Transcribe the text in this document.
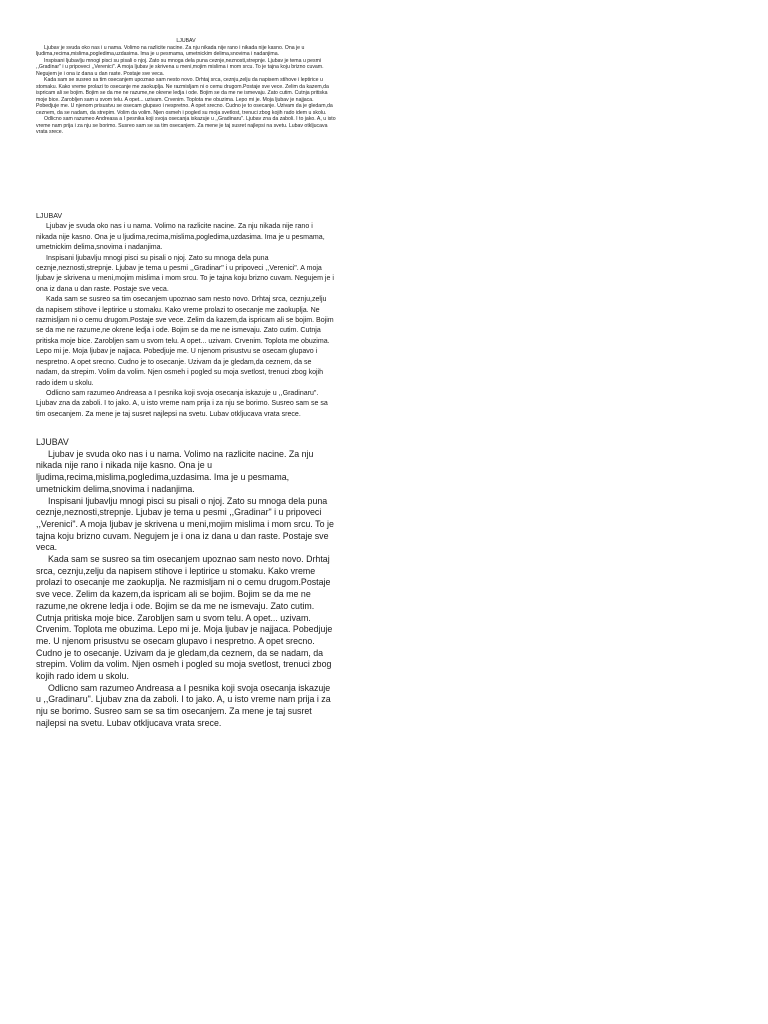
LJUBAV

Ljubav je svuda oko nas i u nama. Volimo na razlicite nacine. Za nju nikada nije rano i nikada nije kasno. Ona je u ljudima,recima,mislima,pogledima,uzdasima. Ima je u pesmama, umetnickim delima,snovima i nadanjima.

Inspisani ljubavlju mnogi pisci su pisali o njoj. Zato su mnoga dela puna ceznje,neznosti,strepnje. Ljubav je tema u pesmi ,,Gradinar" i u pripoveci ,,Verenici". A moja ljubav je skrivena u meni,mojim mislima i mom srcu. To je tajna koju brizno cuvam. Negujem je i ona iz dana u dan raste. Postaje sve veca.

Kada sam se susreo sa tim osecanjem upoznao sam nesto novo. Drhtaj srca, ceznju,zelju da napisem stihove i leptirice u stomaku. Kako vreme prolazi to osecanje me zaokuplja. Ne razmisljam ni o cemu drugom.Postaje sve vece. Zelim da kazem,da ispricam ali se bojim. Bojim se da me ne razume,ne okrene ledja i ode. Bojim se da me ne ismevaju. Zato cutim. Cutnja pritiska moje bice. Zarobljen sam u svom telu. A opet... uzivam. Crvenim. Toplota me obuzima. Lepo mi je. Moja ljubav je najjaca. Pobedjuje me. U njenom prisustvu se osecam glupavo i nespretno. A opet srecno. Cudno je to osecanje. Uzivam da je gledam,da ceznem, da se nadam, da strepim. Volim da volim. Njen osmeh i pogled su moja svetlost, trenuci zbog kojih rado idem u skolu.

Odlicno sam razumeo Andreasa a I pesnika koji svoja osecanja iskazuje u ,,Gradinaru". Ljubav zna da zaboli. I to jako. A, u isto vreme nam prija i za nju se borimo. Susreo sam se sa tim osecanjem. Za mene je taj susret najlepsi na svetu. Lubav otkljucava vrata srece.

LJUBAV

Ljubav je svuda oko nas i u nama. Volimo na razlicite nacine. Za nju nikada nije rano i nikada nije kasno. Ona je u ljudima,recima,mislima,pogledima,uzdasima. Ima je u pesmama, umetnickim delima,snovima i nadanjima.

Inspisani ljubavlju mnogi pisci su pisali o njoj. Zato su mnoga dela puna ceznje,neznosti,strepnje. Ljubav je tema u pesmi ,,Gradinar" i u pripoveci ,,Verenici". A moja ljubav je skrivena u meni,mojim mislima i mom srcu. To je tajna koju brizno cuvam. Negujem je i ona iz dana u dan raste. Postaje sve veca.

Kada sam se susreo sa tim osecanjem upoznao sam nesto novo. Drhtaj srca, ceznju,zelju da napisem stihove i leptirice u stomaku. Kako vreme prolazi to osecanje me zaokuplja. Ne razmisljam ni o cemu drugom.Postaje sve vece. Zelim da kazem,da ispricam ali se bojim. Bojim se da me ne razume,ne okrene ledja i ode. Bojim se da me ne ismevaju. Zato cutim. Cutnja pritiska moje bice. Zarobljen sam u svom telu. A opet... uzivam. Crvenim. Toplota me obuzima. Lepo mi je. Moja ljubav je najjaca. Pobedjuje me. U njenom prisustvu se osecam glupavo i nespretno. A opet srecno. Cudno je to osecanje. Uzivam da je gledam,da ceznem, da se nadam, da strepim. Volim da volim. Njen osmeh i pogled su moja svetlost, trenuci zbog kojih rado idem u skolu.

Odlicno sam razumeo Andreasa a I pesnika koji svoja osecanja iskazuje u ,,Gradinaru". Ljubav zna da zaboli. I to jako. A, u isto vreme nam prija i za nju se borimo. Susreo sam se sa tim osecanjem. Za mene je taj susret najlepsi na svetu. Lubav otkljucava vrata srece.

LJUBAV

Ljubav je svuda oko nas i u nama. Volimo na razlicite nacine. Za nju nikada nije rano i nikada nije kasno. Ona je u ljudima,recima,mislima,pogledima,uzdasima. Ima je u pesmama, umetnickim delima,snovima i nadanjima.

Inspisani ljubavlju mnogi pisci su pisali o njoj. Zato su mnoga dela puna ceznje,neznosti,strepnje. Ljubav je tema u pesmi ,,Gradinar" i u pripoveci ,,Verenici". A moja ljubav je skrivena u meni,mojim mislima i mom srcu. To je tajna koju brizno cuvam. Negujem je i ona iz dana u dan raste. Postaje sve veca.

Kada sam se susreo sa tim osecanjem upoznao sam nesto novo. Drhtaj srca, ceznju,zelju da napisem stihove i leptirice u stomaku. Kako vreme prolazi to osecanje me zaokuplja. Ne razmisljam ni o cemu drugom.Postaje sve vece. Zelim da kazem,da ispricam ali se bojim. Bojim se da me ne razume,ne okrene ledja i ode. Bojim se da me ne ismevaju. Zato cutim. Cutnja pritiska moje bice. Zarobljen sam u svom telu. A opet... uzivam. Crvenim. Toplota me obuzima. Lepo mi je. Moja ljubav je najjaca. Pobedjuje me. U njenom prisustvu se osecam glupavo i nespretno. A opet srecno. Cudno je to osecanje. Uzivam da je gledam,da ceznem, da se nadam, da strepim. Volim da volim. Njen osmeh i pogled su moja svetlost, trenuci zbog kojih rado idem u skolu.

Odlicno sam razumeo Andreasa a I pesnika koji svoja osecanja iskazuje u ,,Gradinaru". Ljubav zna da zaboli. I to jako. A, u isto vreme nam prija i za nju se borimo. Susreo sam se sa tim osecanjem. Za mene je taj susret najlepsi na svetu. Lubav otkljucava vrata srece.
